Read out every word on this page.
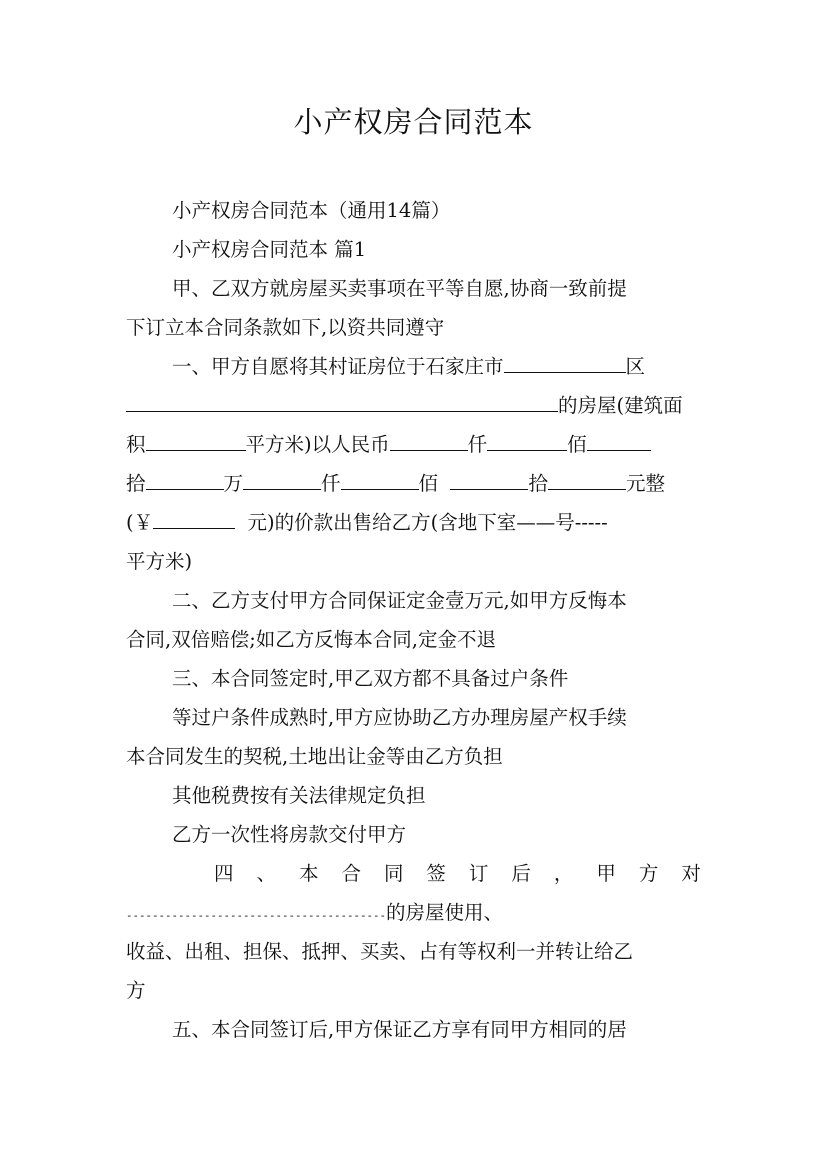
小产权房合同范本
小产权房合同范本（通用14篇）
小产权房合同范本 篇1
甲、乙双方就房屋买卖事项在平等自愿,协商一致前提
下订立本合同条款如下,以资共同遵守
一、甲方自愿将其村证房位于石家庄市	区
的房屋(建筑面
积	平方米)以人民币	仟	佰
拾	万	仟	佰	拾	元整
(￥	元)的价款出售给乙方(含地下室——号-----
平方米)
二、乙方支付甲方合同保证定金壹万元,如甲方反悔本
合同,双倍赔偿;如乙方反悔本合同,定金不退
三、本合同签定时,甲乙双方都不具备过户条件
等过户条件成熟时,甲方应协助乙方办理房屋产权手续
本合同发生的契税,土地出让金等由乙方负担
其他税费按有关法律规定负担
乙方一次性将房款交付甲方
四 、 本 合 同 签 订 后 ， 甲 方 对
----------------------------------------的房屋使用、
收益、出租、担保、抵押、买卖、占有等权利一并转让给乙
方
五、本合同签订后,甲方保证乙方享有同甲方相同的居
